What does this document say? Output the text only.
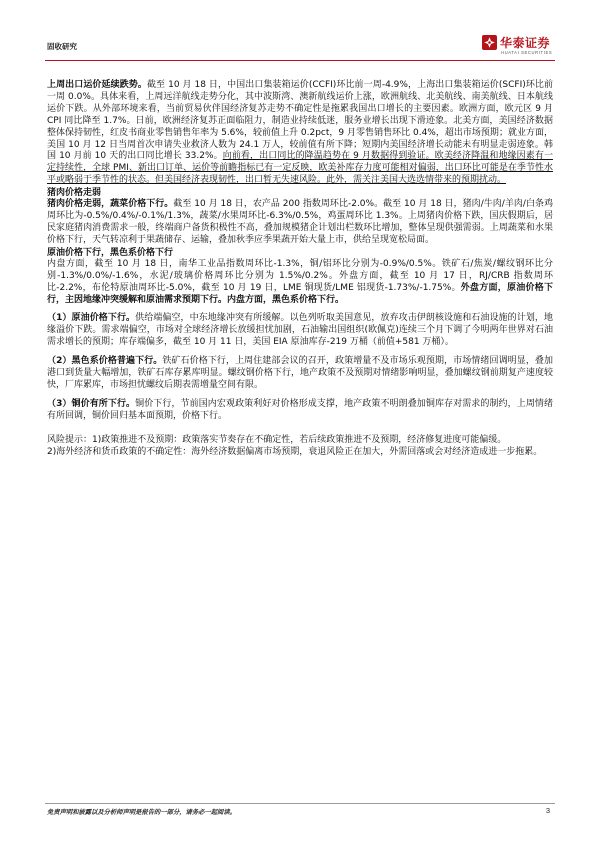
固收研究	华泰证券
HUATAI SECURITIES

上周出口运价延续跌势。截至 10 月 18 日，中国出口集装箱运价(CCFI)环比前一周-4.9%，上海出口集装箱运价(SCFI)环比前一周 0.0%。具体来看，上周远洋航线走势分化，其中波斯湾、澳新航线运价上涨，欧洲航线、北美航线、南美航线、日本航线运价下跌。从外部环境来看，当前贸易伙伴国经济复苏走势不确定性是拖累我国出口增长的主要因素。欧洲方面，欧元区 9 月 CPI 同比降至 1.7%。日前，欧洲经济复苏正面临阻力，制造业持续低迷，服务业增长出现下滑迹象。北美方面，美国经济数据整体保持韧性，红皮书商业零售销售年率为 5.6%，较前值上升 0.2pct，9 月零售销售环比 0.4%，超出市场预期；就业方面，美国 10 月 12 日当周首次申请失业救济人数为 24.1 万人，较前值有所下降；短期内美国经济增长动能未有明显走弱迹象。韩国 10 月前 10 天的出口同比增长 33.2%。向前看，出口同比的降温趋势在 9 月数据得到验证。欧美经济降温和地缘因素有一定持续性，全球 PMI、新出口订单、运价等前瞻指标已有一定反映，欧美补库存力度可能相对偏弱，出口环比可能是在季节性水平或略弱于季节性的状态。但美国经济表现韧性，出口暂无失速风险。此外，需关注美国大选选情带来的预期扰动。

猪肉价格走弱

猪肉价格走弱，蔬菜价格下行。截至 10 月 18 日，农产品 200 指数周环比-2.0%。截至 10 月 18 日，猪肉/牛肉/羊肉/白条鸡周环比为-0.5%/0.4%/-0.1%/1.3%，蔬菜/水果周环比-6.3%/0.5%，鸡蛋周环比 1.3%。上周猪肉价格下跌，国庆假期后，居民家庭猪肉消费需求一般，终端商户备货积极性不高，叠加规模猪企计划出栏数环比增加，整体呈现供强需弱。上周蔬菜和水果价格下行，天气转凉利于果蔬储存、运输，叠加秋季应季果蔬开始大量上市，供给呈现宽松局面。

原油价格下行，黑色系价格下行

内盘方面，截至 10 月 18 日，南华工业品指数周环比-1.3%，铜/铝环比分别为-0.9%/0.5%。铁矿石/焦炭/螺纹钢环比分别-1.3%/0.0%/-1.6%，水泥/玻璃价格周环比分别为 1.5%/0.2%。外盘方面，截至 10 月 17 日，RJ/CRB 指数周环比-2.2%，布伦特原油周环比-5.0%，截至 10 月 19 日，LME 铜现货/LME 铝现货-1.73%/-1.75%。外盘方面，原油价格下行，主因地缘冲突缓解和原油需求预期下行。内盘方面，黑色系价格下行。

（1）原油价格下行。供给端偏空，中东地缘冲突有所缓解。以色列听取美国意见，放弃攻击伊朗核设施和石油设施的计划，地缘溢价下跌。需求端偏空，市场对全球经济增长放缓担忧加剧，石油输出国组织(欧佩克)连续三个月下调了今明两年世界对石油需求增长的预期；库存端偏多，截至 10 月 11 日，美国 EIA 原油库存-219 万桶（前值+581 万桶）。

（2）黑色系价格普遍下行。铁矿石价格下行，上周住建部会议的召开，政策增量不及市场乐观预期，市场情绪回调明显，叠加港口到货量大幅增加，铁矿石库存累库明显。螺纹钢价格下行，地产政策不及预期对情绪影响明显，叠加螺纹钢前期复产速度较快，厂库累库，市场担忧螺纹后期表需增量空间有限。

（3）铜价有所下行。铜价下行，节前国内宏观政策利好对价格形成支撑，地产政策不明朗叠加铜库存对需求的制约，上周情绪有所回调，铜价回归基本面预期，价格下行。

风险提示：1)政策推进不及预期：政策落实节奏存在不确定性，若后续政策推进不及预期，经济修复进度可能偏缓。

2)海外经济和货币政策的不确定性：海外经济数据偏离市场预期，衰退风险正在加大，外需回落或会对经济造成进一步拖累。

免责声明和披露以及分析师声明是报告的一部分，请务必一起阅读。	3
